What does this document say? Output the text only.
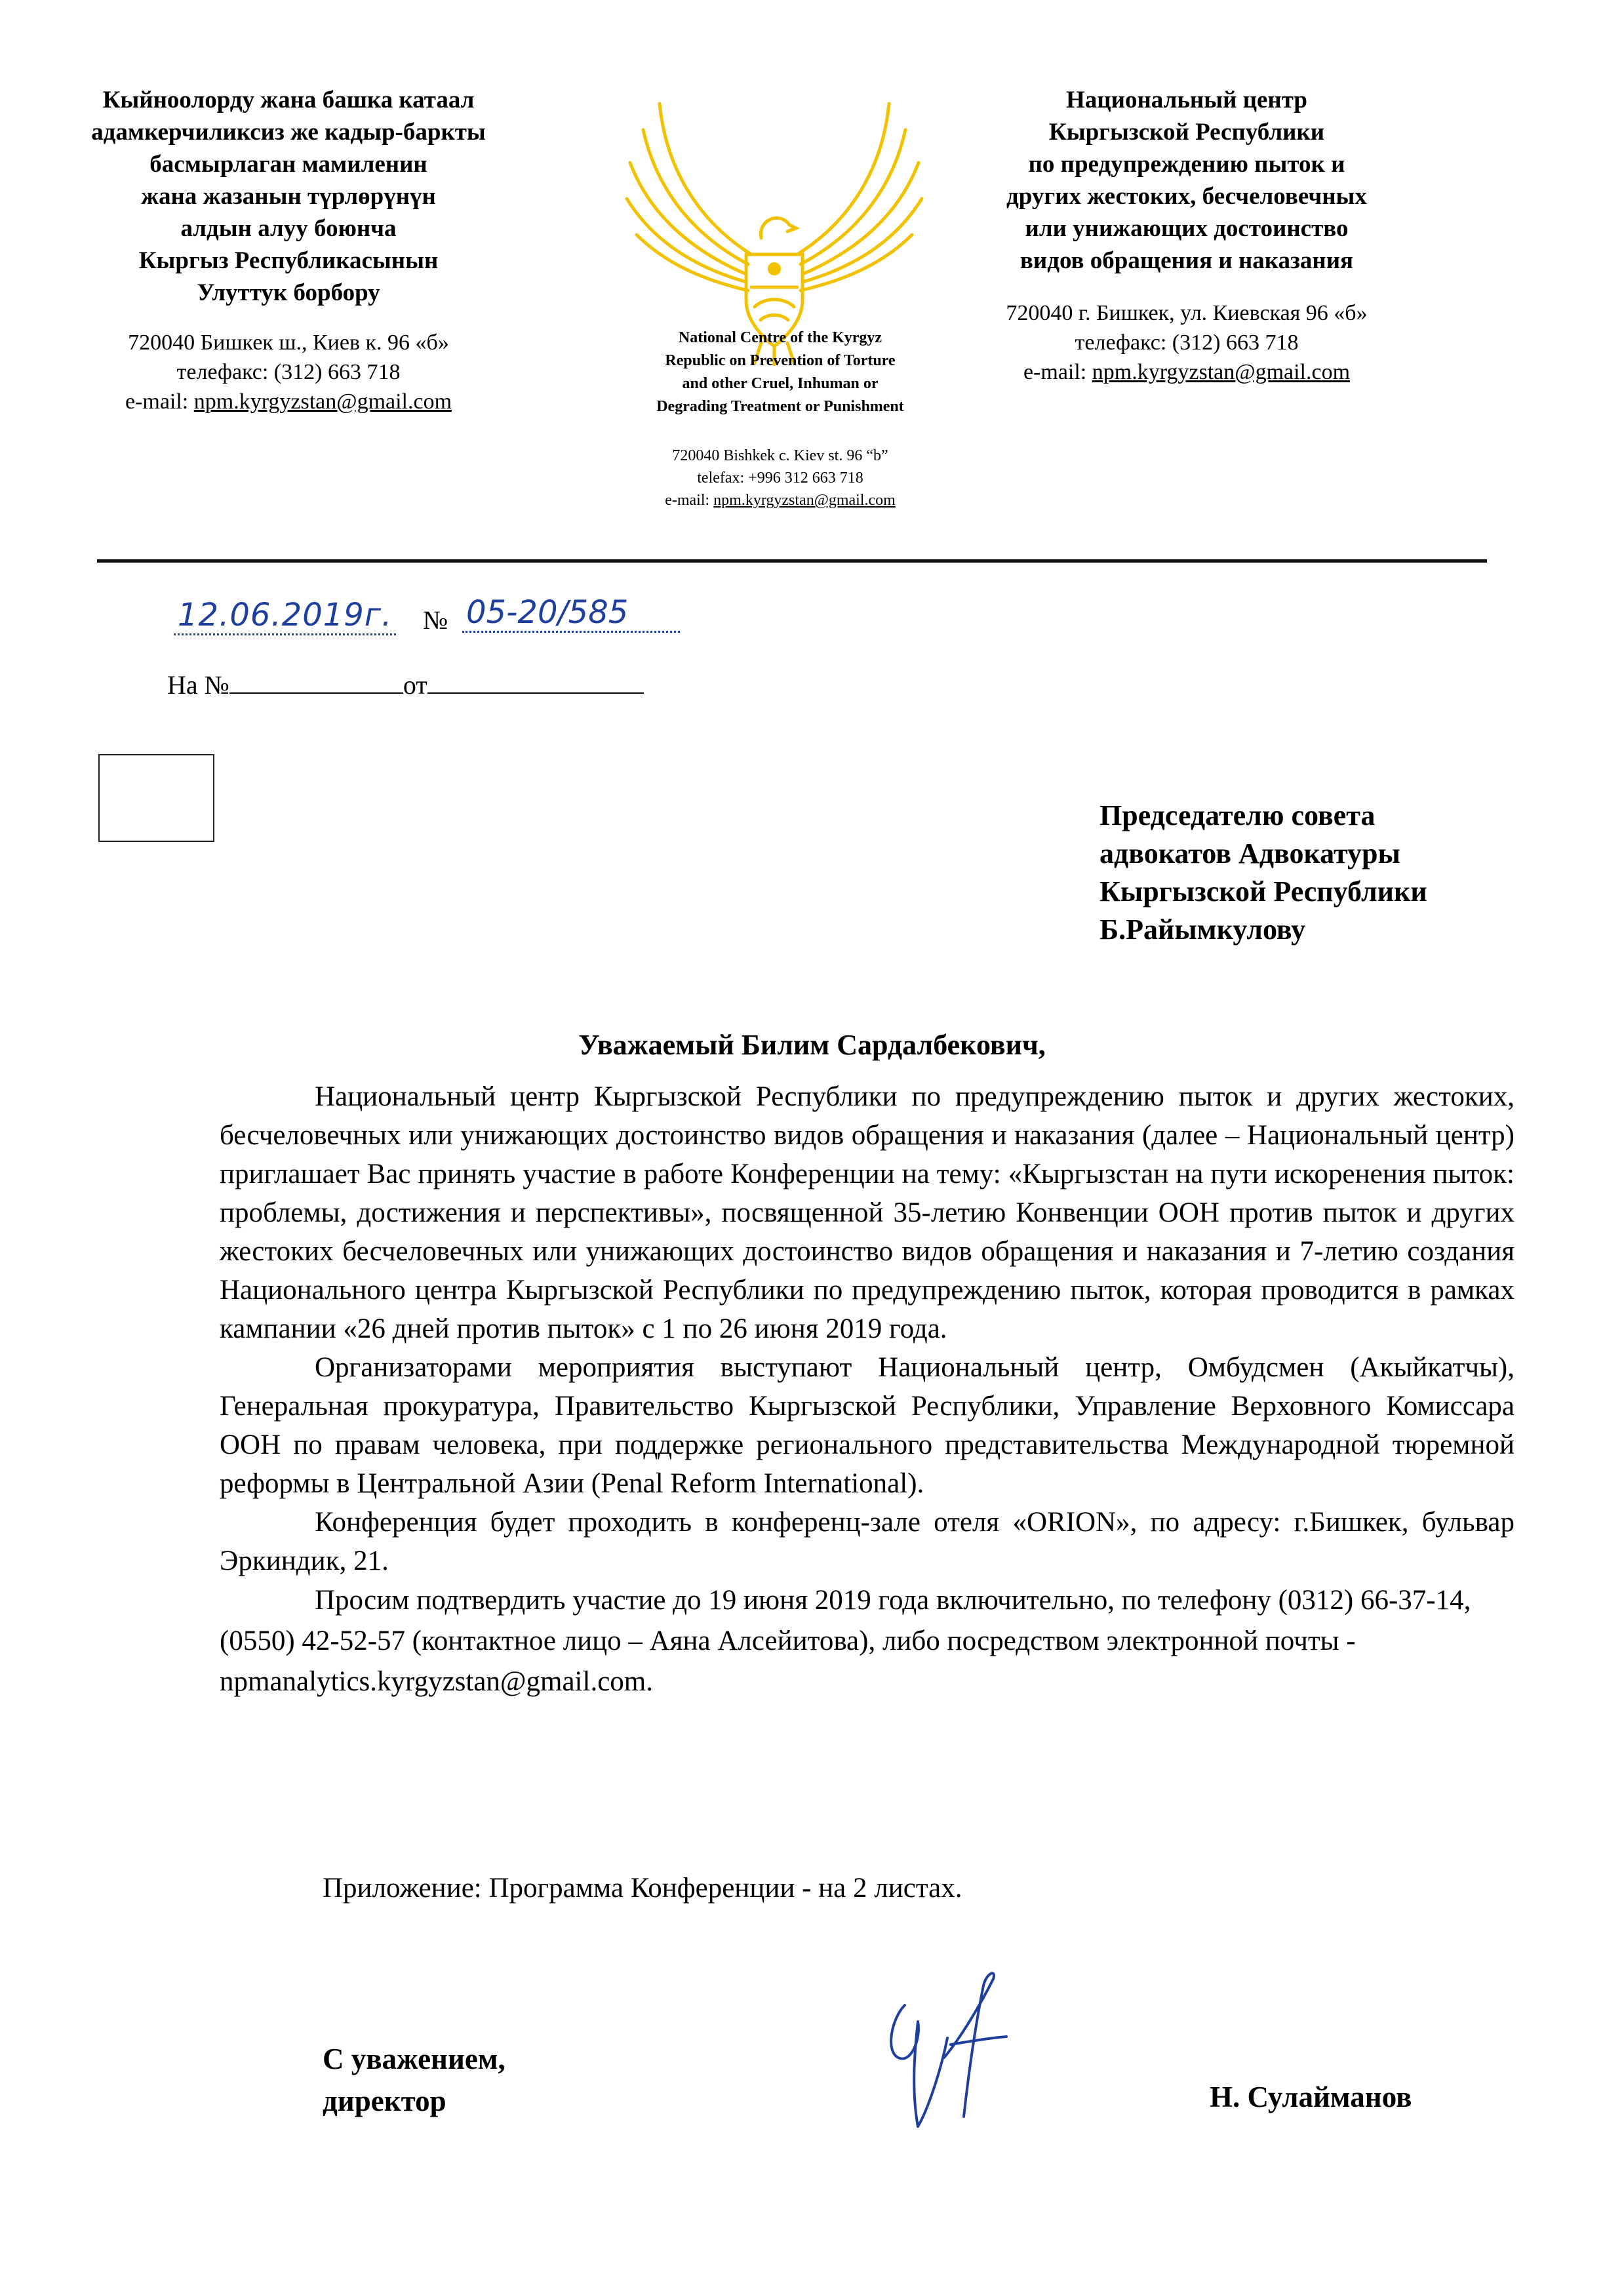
Кыйноолорду жана башка катаал
адамкерчиликсиз же кадыр-баркты
басмырлаган мамиленин
жана жазанын түрлөрүнүн
алдын алуу боюнча
Кыргыз Республикасынын
Улуттук борбору
720040 Бишкек ш., Киев к. 96 «б»
телефакс: (312) 663 718
e-mail: npm.kyrgyzstan@gmail.com
National Centre of the Kyrgyz
Republic on Prevention of Torture
and other Cruel, Inhuman or
Degrading Treatment or Punishment
720040 Bishkek c. Kiev st. 96 “b”
telefax: +996 312 663 718
e-mail: npm.kyrgyzstan@gmail.com
Национальный центр
Кыргызской Республики
по предупреждению пыток и
других жестоких, бесчеловечных
или унижающих достоинство
видов обращения и наказания
720040 г. Бишкек, ул. Киевская 96 «б»
телефакс: (312) 663 718
e-mail: npm.kyrgyzstan@gmail.com
12.06.2019г. № 05-20/585
На №	от
Председателю совета
адвокатов Адвокатуры
Кыргызской Республики
Б.Райымкулову
Уважаемый Билим Сардалбекович,

Национальный центр Кыргызской Республики по предупреждению пыток и других жестоких, бесчеловечных или унижающих достоинство видов обращения и наказания (далее – Национальный центр) приглашает Вас принять участие в работе Конференции на тему: «Кыргызстан на пути искоренения пыток: проблемы, достижения и перспективы», посвященной 35-летию Конвенции ООН против пыток и других жестоких бесчеловечных или унижающих достоинство видов обращения и наказания и 7-летию создания Национального центра Кыргызской Республики по предупреждению пыток, которая проводится в рамках кампании «26 дней против пыток» с 1 по 26 июня 2019 года.

Организаторами мероприятия выступают Национальный центр, Омбудсмен (Акыйкатчы), Генеральная прокуратура, Правительство Кыргызской Республики, Управление Верховного Комиссара ООН по правам человека, при поддержке регионального представительства Международной тюремной реформы в Центральной Азии (Penal Reform International).

Конференция будет проходить в конференц-зале отеля «ORION», по адресу: г.Бишкек, бульвар Эркиндик, 21.

Просим подтвердить участие до 19 июня 2019 года включительно, по телефону (0312) 66-37-14, (0550) 42-52-57 (контактное лицо – Аяна Алсейитова), либо посредством электронной почты - npmanalytics.kyrgyzstan@gmail.com.

Приложение: Программа Конференции - на 2 листах.
С уважением,
директор	Н. Сулайманов
